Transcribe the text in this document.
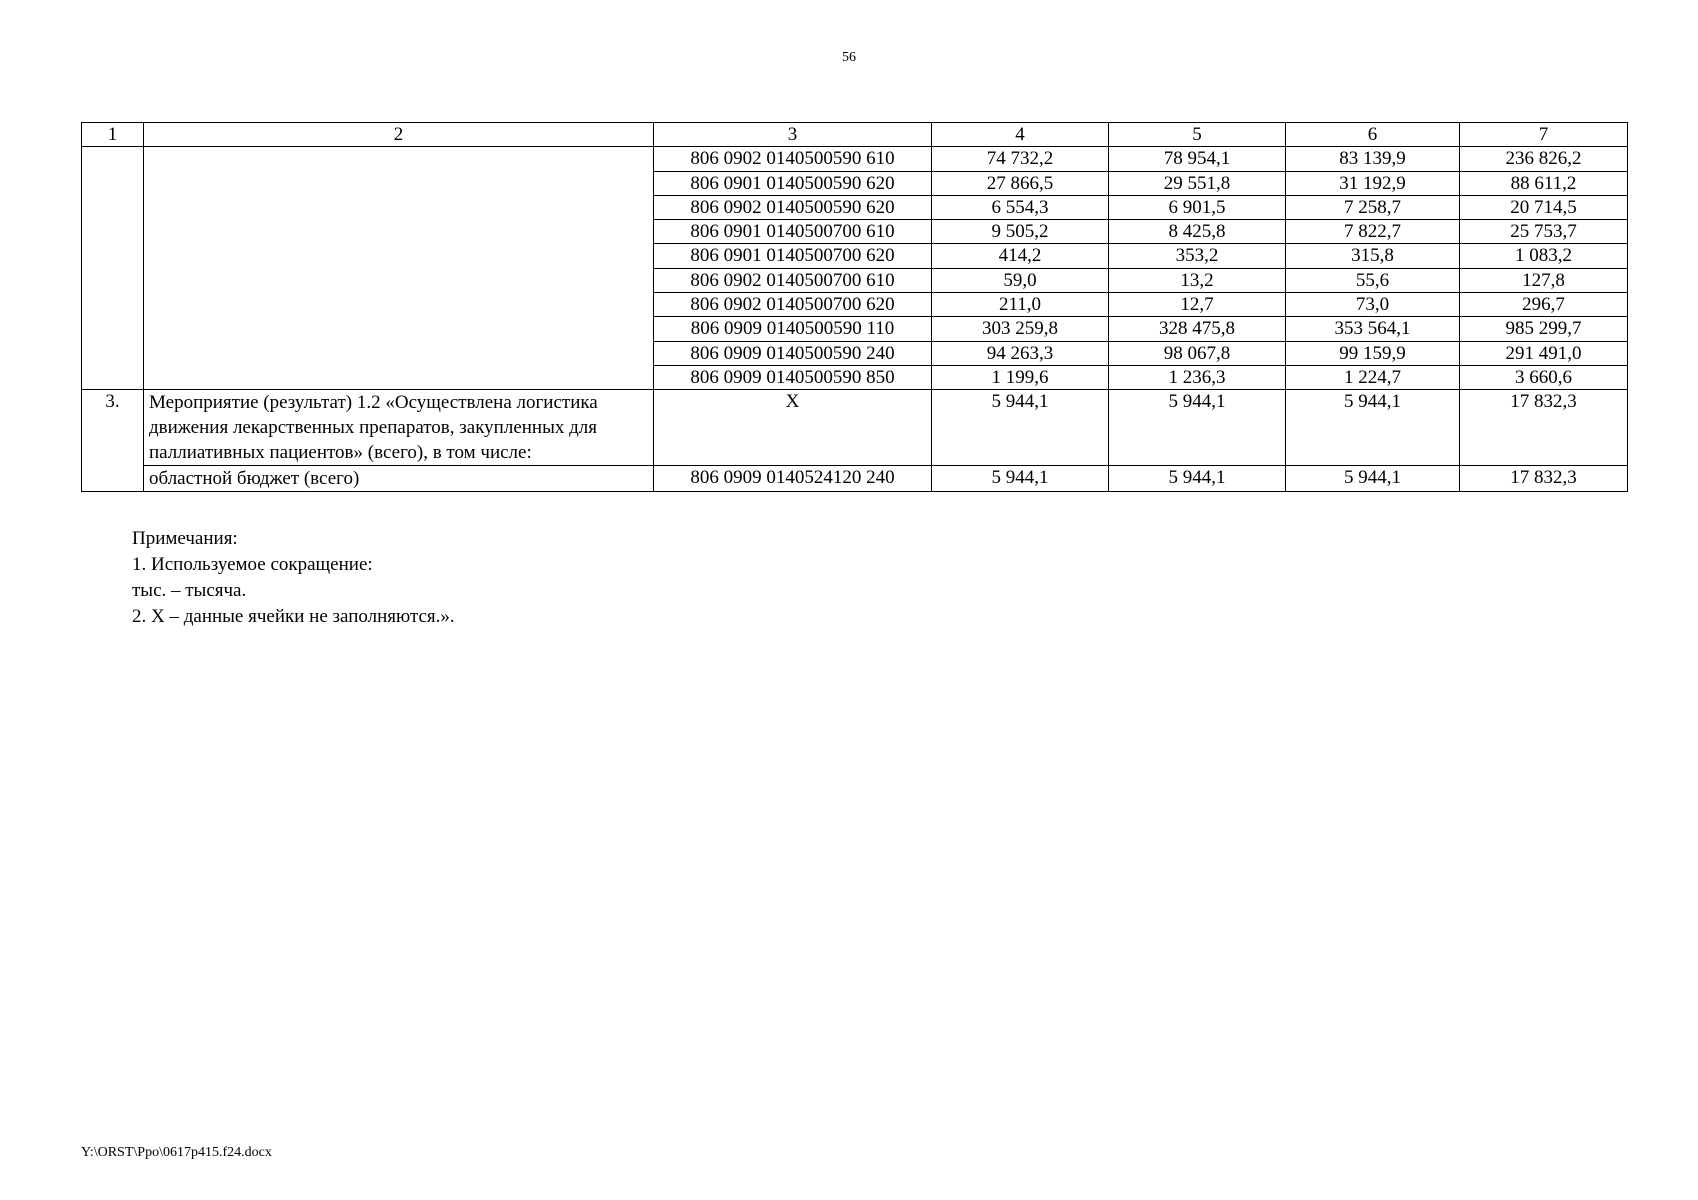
56
1	2	3	4	5	6	7
		806 0902 0140500590 610	74 732,2	78 954,1	83 139,9	236 826,2
		806 0901 0140500590 620	27 866,5	29 551,8	31 192,9	88 611,2
		806 0902 0140500590 620	6 554,3	6 901,5	7 258,7	20 714,5
		806 0901 0140500700 610	9 505,2	8 425,8	7 822,7	25 753,7
		806 0901 0140500700 620	414,2	353,2	315,8	1 083,2
		806 0902 0140500700 610	59,0	13,2	55,6	127,8
		806 0902 0140500700 620	211,0	12,7	73,0	296,7
		806 0909 0140500590 110	303 259,8	328 475,8	353 564,1	985 299,7
		806 0909 0140500590 240	94 263,3	98 067,8	99 159,9	291 491,0
		806 0909 0140500590 850	1 199,6	1 236,3	1 224,7	3 660,6
3.	Мероприятие (результат) 1.2 «Осуществлена логистика движения лекарственных препаратов, закупленных для паллиативных пациентов» (всего), в том числе:	X	5 944,1	5 944,1	5 944,1	17 832,3
	областной бюджет (всего)	806 0909 0140524120 240	5 944,1	5 944,1	5 944,1	17 832,3
Примечания:
1. Используемое сокращение:
тыс. – тысяча.
2. X – данные ячейки не заполняются.».
Y:\ORST\Ppo\0617p415.f24.docx
